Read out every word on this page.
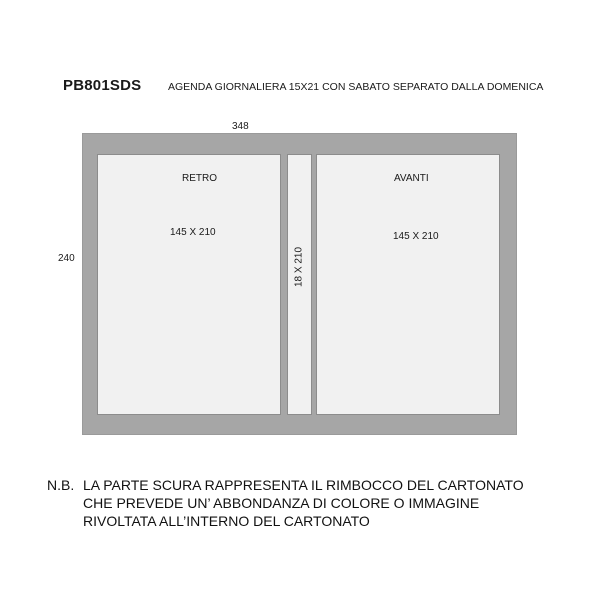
PB801SDS	AGENDA GIORNALIERA 15X21 CON SABATO SEPARATO DALLA DOMENICA
348
240
RETRO
145 X 210
AVANTI
145 X 210
18 X 210
N.B. LA PARTE SCURA RAPPRESENTA IL RIMBOCCO DEL CARTONATO
CHE PREVEDE UN’ ABBONDANZA DI COLORE O IMMAGINE
RIVOLTATA ALL’INTERNO DEL CARTONATO
